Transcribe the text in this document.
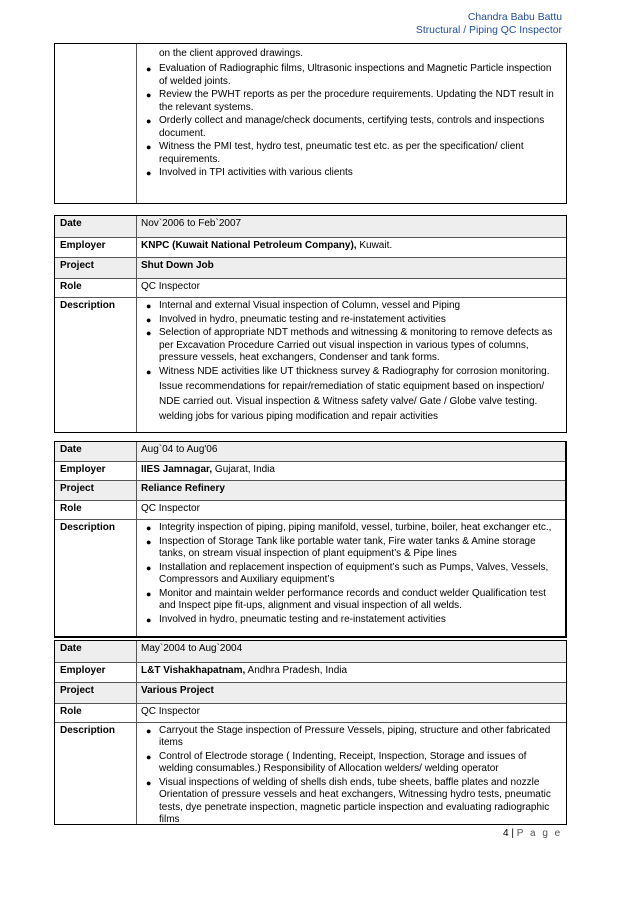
Chandra Babu Battu
Structural / Piping QC Inspector
on the client approved drawings.
● Evaluation of Radiographic films, Ultrasonic inspections and Magnetic Particle inspection of welded joints.
● Review the PWHT reports as per the procedure requirements. Updating the NDT result in the relevant systems.
● Orderly collect and manage/check documents, certifying tests, controls and inspections document.
● Witness the PMI test, hydro test, pneumatic test etc. as per the specification/ client requirements.
● Involved in TPI activities with various clients
Date	Nov`2006 to Feb`2007
Employer	KNPC (Kuwait National Petroleum Company), Kuwait.
Project	Shut Down Job
Role	QC Inspector
Description	● Internal and external Visual inspection of Column, vessel and Piping
● Involved in hydro, pneumatic testing and re-instatement activities
● Selection of appropriate NDT methods and witnessing & monitoring to remove defects as per Excavation Procedure Carried out visual inspection in various types of columns, pressure vessels, heat exchangers, Condenser and tank forms.
● Witness NDE activities like UT thickness survey & Radiography for corrosion monitoring.
Issue recommendations for repair/remediation of static equipment based on inspection/ NDE carried out. Visual inspection & Witness safety valve/ Gate / Globe valve testing. welding jobs for various piping modification and repair activities
Date	Aug`04 to Aug'06
Employer	IIES Jamnagar, Gujarat, India
Project	Reliance Refinery
Role	QC Inspector
Description	● Integrity inspection of piping, piping manifold, vessel, turbine, boiler, heat exchanger etc.,
● Inspection of Storage Tank like portable water tank, Fire water tanks & Amine storage tanks, on stream visual inspection of plant equipment’s & Pipe lines
● Installation and replacement inspection of equipment’s such as Pumps, Valves, Vessels, Compressors and Auxiliary equipment’s
● Monitor and maintain welder performance records and conduct welder Qualification test and Inspect pipe fit-ups, alignment and visual inspection of all welds.
● Involved in hydro, pneumatic testing and re-instatement activities
Date	May`2004 to Aug`2004
Employer	L&T Vishakhapatnam, Andhra Pradesh, India
Project	Various Project
Role	QC Inspector
Description	● Carryout the Stage inspection of Pressure Vessels, piping, structure and other fabricated items
● Control of Electrode storage ( Indenting, Receipt, Inspection, Storage and issues of welding consumables.) Responsibility of Allocation welders/ welding operator
● Visual inspections of welding of shells dish ends, tube sheets, baffle plates and nozzle Orientation of pressure vessels and heat exchangers, Witnessing hydro tests, pneumatic tests, dye penetrate inspection, magnetic particle inspection and evaluating radiographic films
4 | P a g e
